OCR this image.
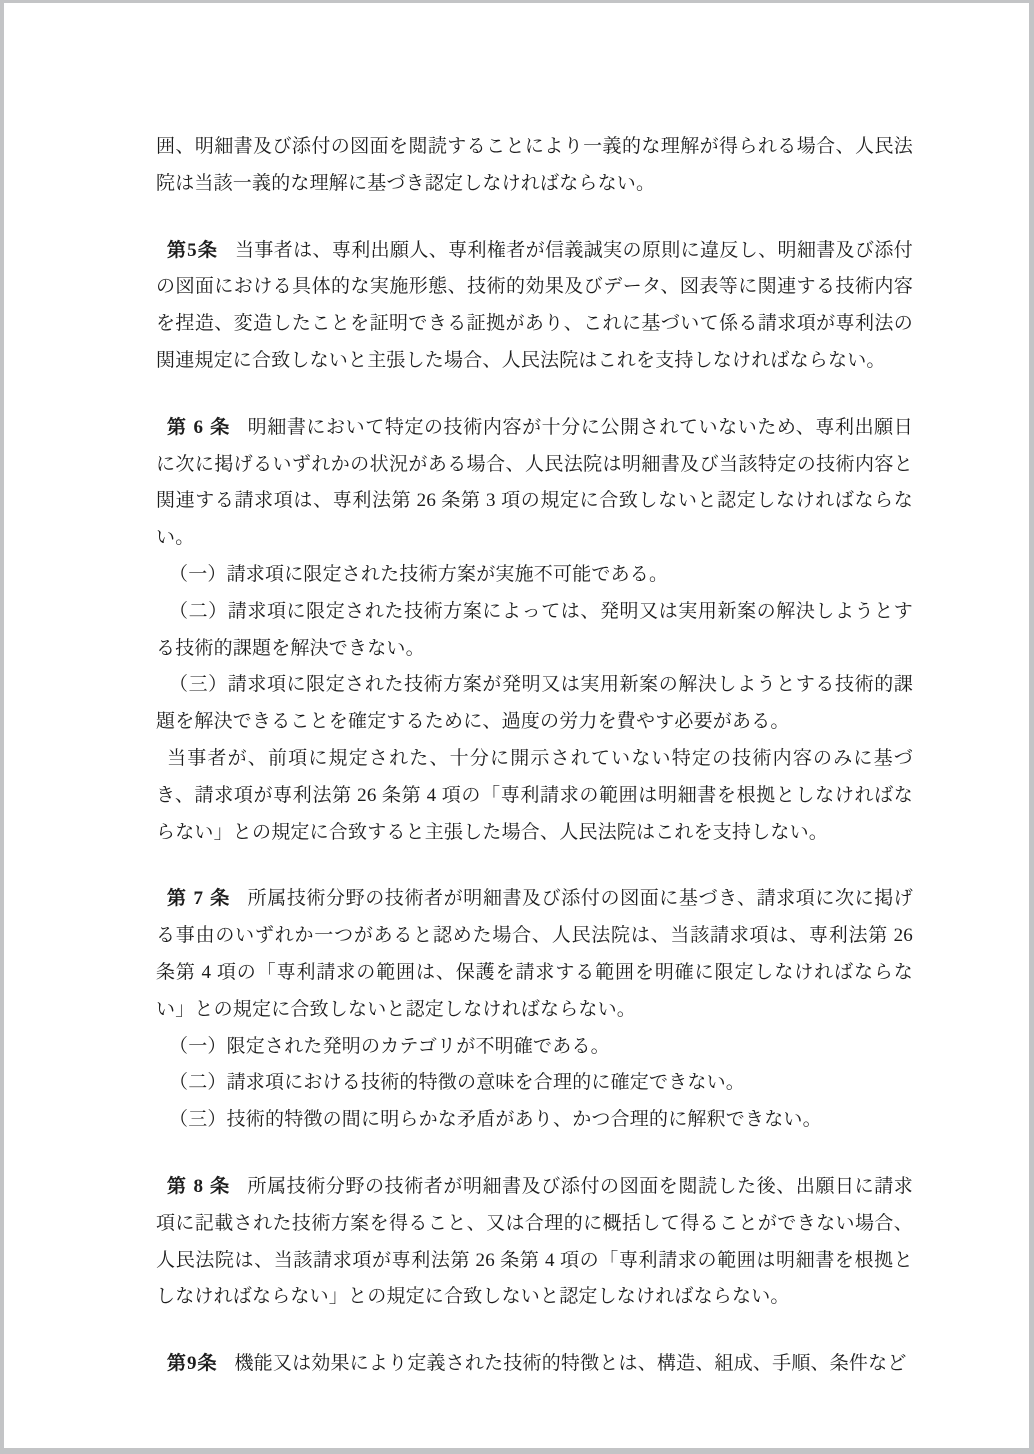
囲、明細書及び添付の図面を閲読することにより一義的な理解が得られる場合、人民法院は当該一義的な理解に基づき認定しなければならない。

第5条 当事者は、専利出願人、専利権者が信義誠実の原則に違反し、明細書及び添付の図面における具体的な実施形態、技術的効果及びデータ、図表等に関連する技術内容を捏造、変造したことを証明できる証拠があり、これに基づいて係る請求項が専利法の関連規定に合致しないと主張した場合、人民法院はこれを支持しなければならない。

第 6 条 明細書において特定の技術内容が十分に公開されていないため、専利出願日に次に掲げるいずれかの状況がある場合、人民法院は明細書及び当該特定の技術内容と関連する請求項は、専利法第 26 条第 3 項の規定に合致しないと認定しなければならない。

（一）請求項に限定された技術方案が実施不可能である。

（二）請求項に限定された技術方案によっては、発明又は実用新案の解決しようとする技術的課題を解決できない。

（三）請求項に限定された技術方案が発明又は実用新案の解決しようとする技術的課題を解決できることを確定するために、過度の労力を費やす必要がある。

当事者が、前項に規定された、十分に開示されていない特定の技術内容のみに基づき、請求項が専利法第 26 条第 4 項の「専利請求の範囲は明細書を根拠としなければならない」との規定に合致すると主張した場合、人民法院はこれを支持しない。

第 7 条 所属技術分野の技術者が明細書及び添付の図面に基づき、請求項に次に掲げる事由のいずれか一つがあると認めた場合、人民法院は、当該請求項は、専利法第 26 条第 4 項の「専利請求の範囲は、保護を請求する範囲を明確に限定しなければならない」との規定に合致しないと認定しなければならない。

（一）限定された発明のカテゴリが不明確である。

（二）請求項における技術的特徴の意味を合理的に確定できない。

（三）技術的特徴の間に明らかな矛盾があり、かつ合理的に解釈できない。

第 8 条 所属技術分野の技術者が明細書及び添付の図面を閲読した後、出願日に請求項に記載された技術方案を得ること、又は合理的に概括して得ることができない場合、人民法院は、当該請求項が専利法第 26 条第 4 項の「専利請求の範囲は明細書を根拠としなければならない」との規定に合致しないと認定しなければならない。

第9条 機能又は効果により定義された技術的特徴とは、構造、組成、手順、条件など
